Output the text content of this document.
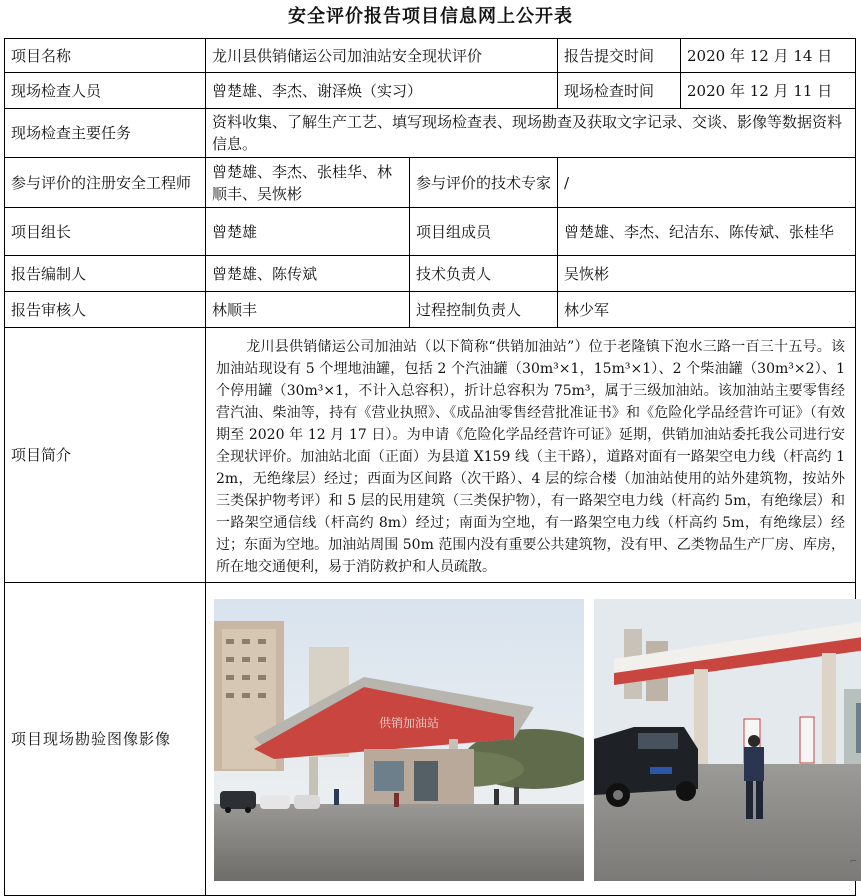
安全评价报告项目信息网上公开表
项目名称	龙川县供销储运公司加油站安全现状评价		报告提交时间	2020 年 12 月 14 日
现场检查人员	曾楚雄、李杰、谢泽焕（实习）		现场检查时间	2020 年 12 月 11 日
现场检查主要任务	资料收集、了解生产工艺、填写现场检查表、现场勘查及获取文字记录、交谈、影像等数据资料信息。			
参与评价的注册安全工程师	曾楚雄、李杰、张桂华、林顺丰、吴恢彬	参与评价的技术专家	/	
项目组长	曾楚雄	项目组成员	曾楚雄、李杰、纪洁东、陈传斌、张桂华	
报告编制人	曾楚雄、陈传斌	技术负责人	吴恢彬	
报告审核人	林顺丰	过程控制负责人	林少军	
项目简介	龙川县供销储运公司加油站（以下简称“供销加油站”）位于老隆镇下泡水三路一百三十五号。该加油站现设有 5 个埋地油罐，包括 2 个汽油罐（30m³×1，15m³×1）、2 个柴油罐（30m³×2）、1 个停用罐（30m³×1，不计入总容积），折计总容积为 75m³，属于三级加油站。该加油站主要零售经营汽油、柴油等，持有《营业执照》、《成品油零售经营批准证书》和《危险化学品经营许可证》（有效期至 2020 年 12 月 17 日）。为申请《危险化学品经营许可证》延期，供销加油站委托我公司进行安全现状评价。加油站北面（正面）为县道 X159 线（主干路），道路对面有一路架空电力线（杆高约 12m，无绝缘层）经过；西面为区间路（次干路）、4 层的综合楼（加油站使用的站外建筑物，按站外三类保护物考评）和 5 层的民用建筑（三类保护物），有一路架空电力线（杆高约 5m，有绝缘层）和一路架空通信线（杆高约 8m）经过；南面为空地，有一路架空电力线（杆高约 5m，有绝缘层）经过；东面为空地。加油站周围 50m 范围内没有重要公共建筑物，没有甲、乙类物品生产厂房、库房，所在地交通便利，易于消防救护和人员疏散。			
项目现场勘验图像影像	供销加油站			
⌐
